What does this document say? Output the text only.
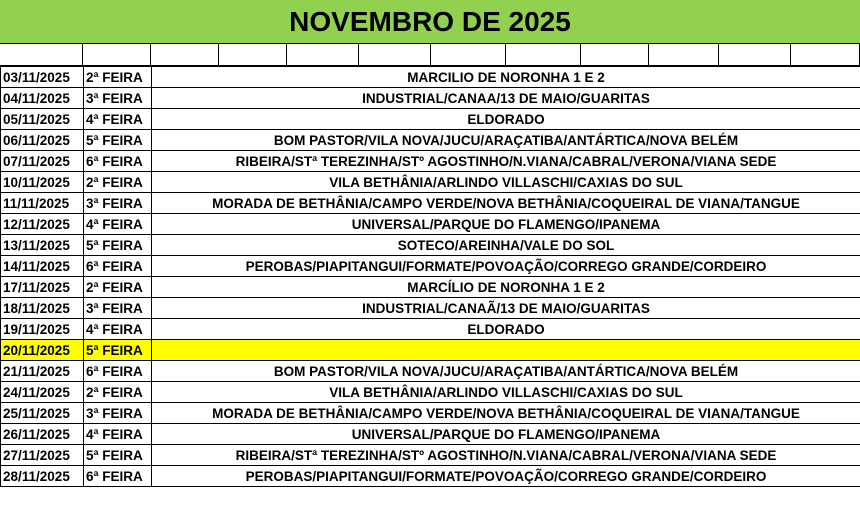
NOVEMBRO DE 2025
03/11/2025	2ª FEIRA	MARCILIO DE NORONHA 1 E 2
04/11/2025	3ª FEIRA	INDUSTRIAL/CANAA/13 DE MAIO/GUARITAS
05/11/2025	4ª FEIRA	ELDORADO
06/11/2025	5ª FEIRA	BOM PASTOR/VILA NOVA/JUCU/ARAÇATIBA/ANTÁRTICA/NOVA BELÉM
07/11/2025	6ª FEIRA	RIBEIRA/STª TEREZINHA/STº AGOSTINHO/N.VIANA/CABRAL/VERONA/VIANA SEDE
10/11/2025	2ª FEIRA	VILA BETHÂNIA/ARLINDO VILLASCHI/CAXIAS DO SUL
11/11/2025	3ª FEIRA	MORADA DE BETHÂNIA/CAMPO VERDE/NOVA BETHÂNIA/COQUEIRAL DE VIANA/TANGUE
12/11/2025	4ª FEIRA	UNIVERSAL/PARQUE DO FLAMENGO/IPANEMA
13/11/2025	5ª FEIRA	SOTECO/AREINHA/VALE DO SOL
14/11/2025	6ª FEIRA	PEROBAS/PIAPITANGUI/FORMATE/POVOAÇÃO/CORREGO GRANDE/CORDEIRO
17/11/2025	2ª FEIRA	MARCÍLIO DE NORONHA 1 E 2
18/11/2025	3ª FEIRA	INDUSTRIAL/CANAÃ/13 DE MAIO/GUARITAS
19/11/2025	4ª FEIRA	ELDORADO
20/11/2025	5ª FEIRA	
21/11/2025	6ª FEIRA	BOM PASTOR/VILA NOVA/JUCU/ARAÇATIBA/ANTÁRTICA/NOVA BELÉM
24/11/2025	2ª FEIRA	VILA BETHÂNIA/ARLINDO VILLASCHI/CAXIAS DO SUL
25/11/2025	3ª FEIRA	MORADA DE BETHÂNIA/CAMPO VERDE/NOVA BETHÂNIA/COQUEIRAL DE VIANA/TANGUE
26/11/2025	4ª FEIRA	UNIVERSAL/PARQUE DO FLAMENGO/IPANEMA
27/11/2025	5ª FEIRA	RIBEIRA/STª TEREZINHA/STº AGOSTINHO/N.VIANA/CABRAL/VERONA/VIANA SEDE
28/11/2025	6ª FEIRA	PEROBAS/PIAPITANGUI/FORMATE/POVOAÇÃO/CORREGO GRANDE/CORDEIRO
